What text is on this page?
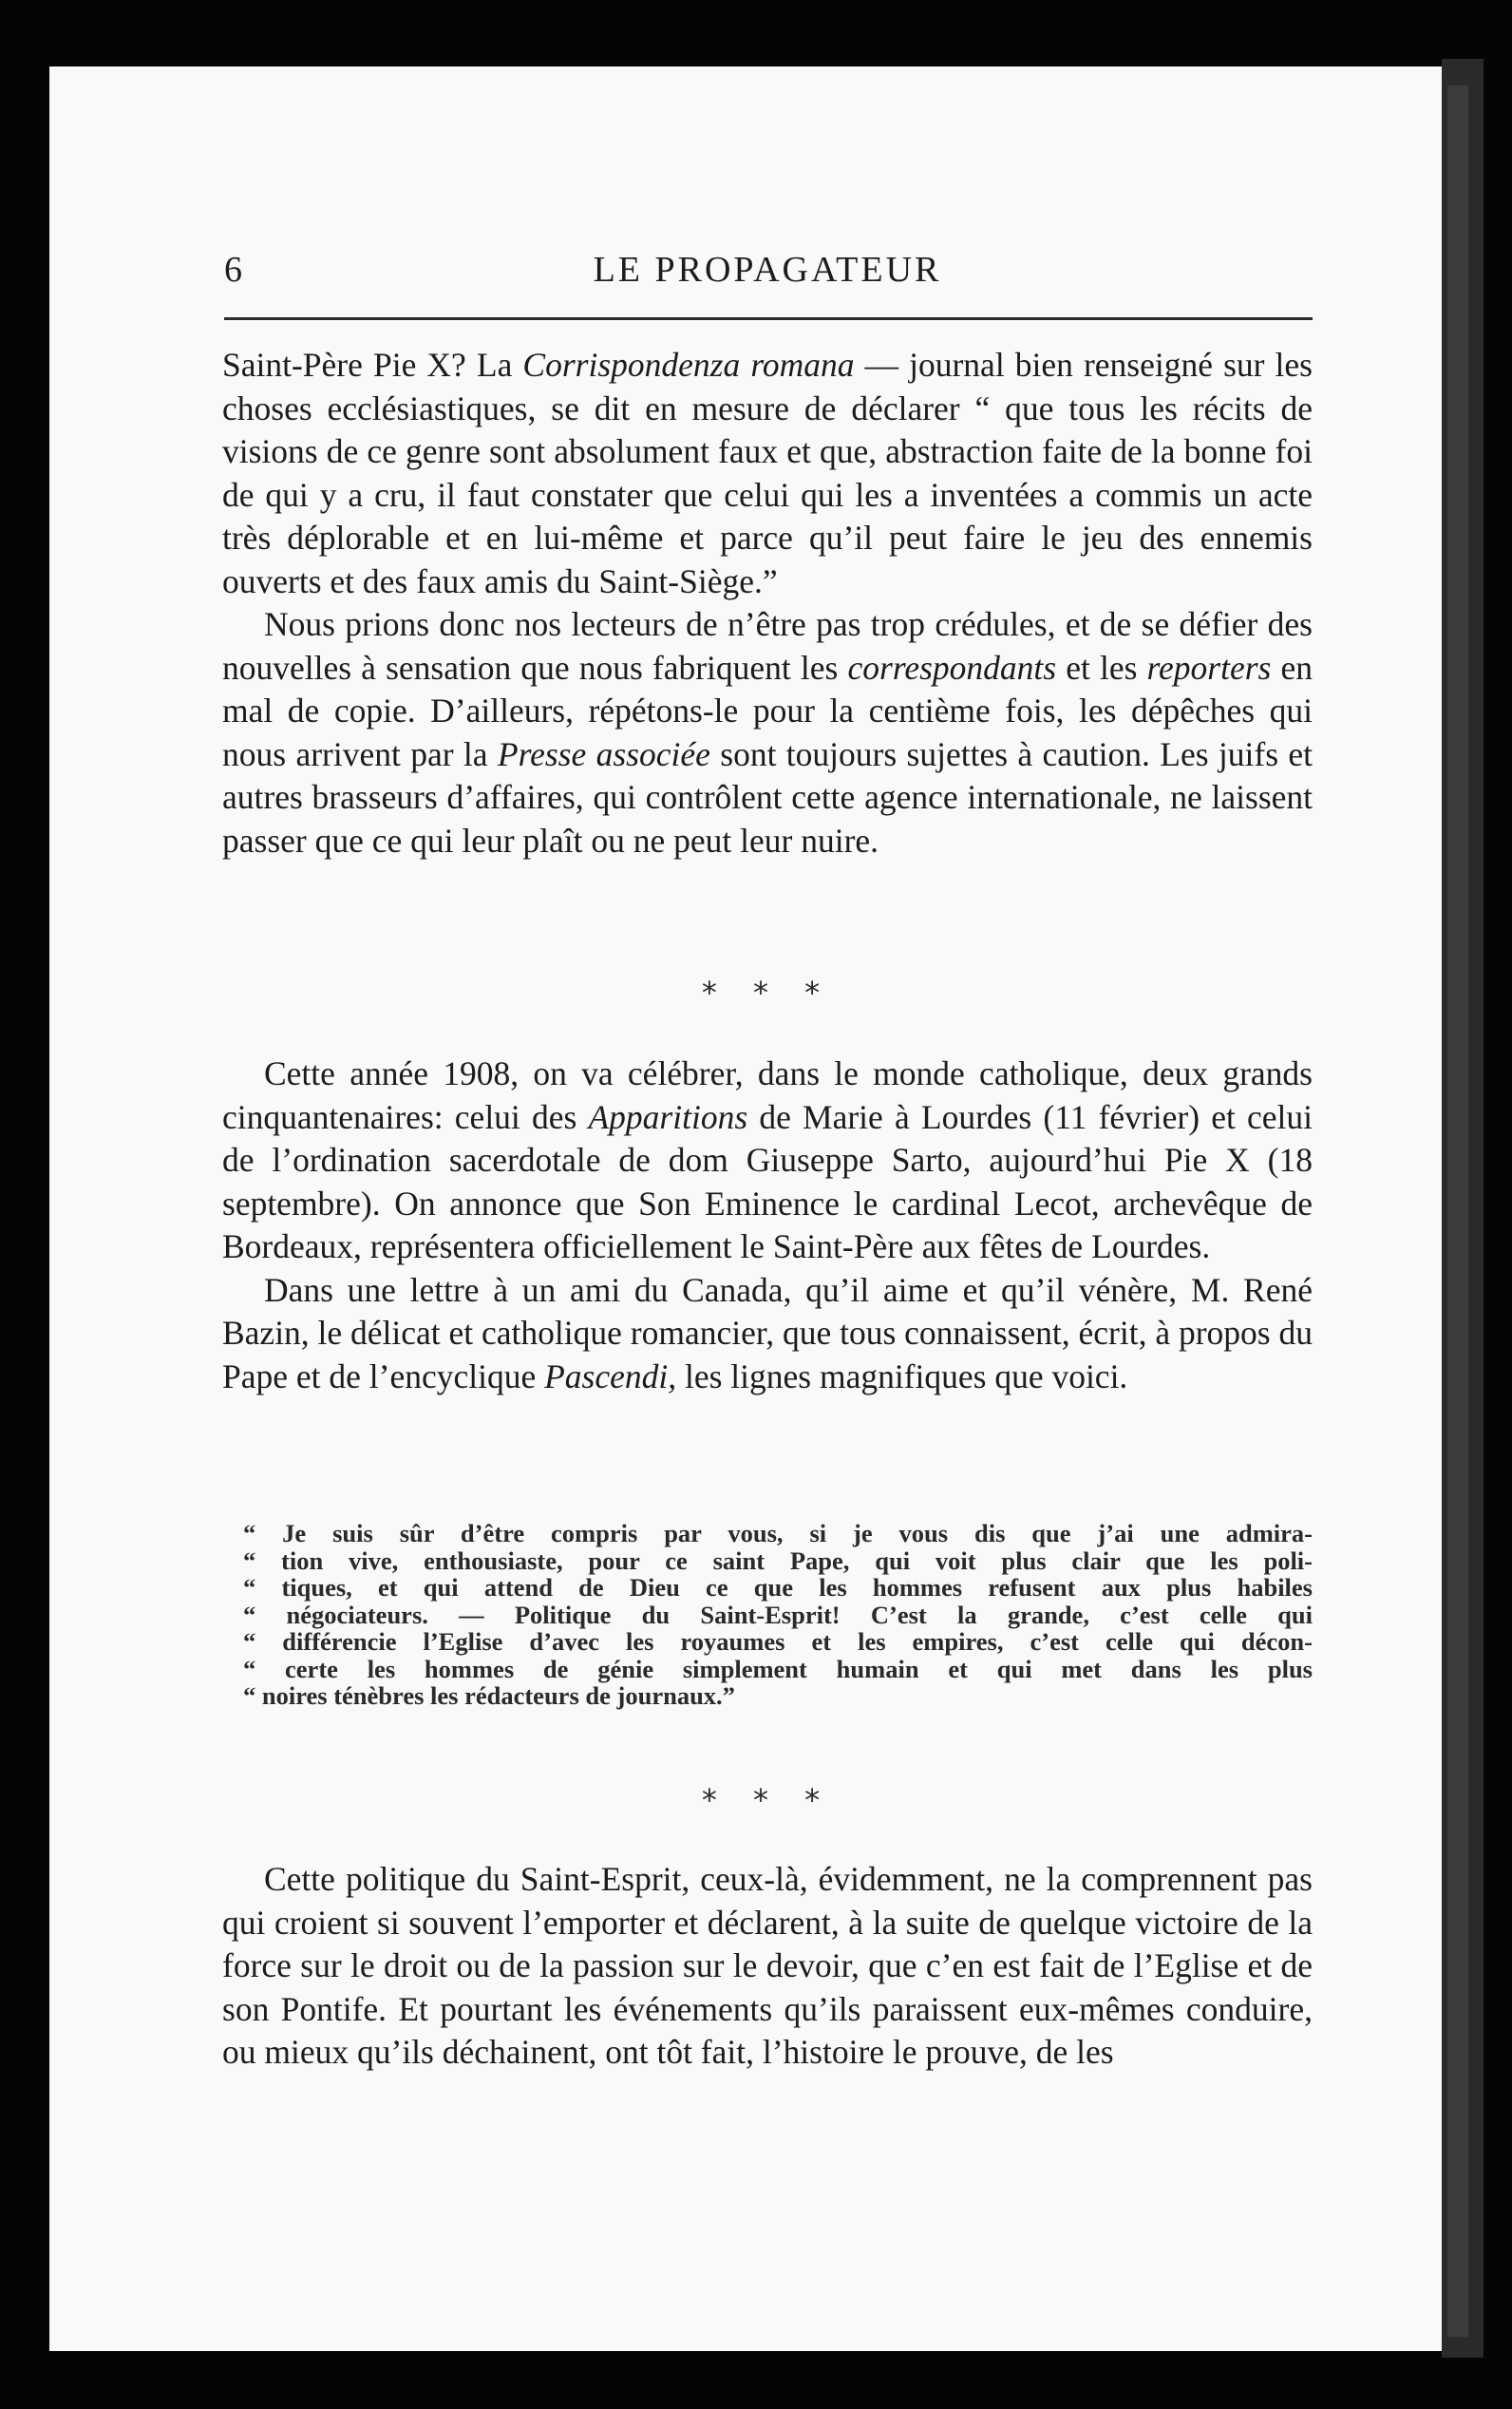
6	LE PROPAGATEUR

Saint-Père Pie X? La Corrispondenza romana — journal bien renseigné sur les choses ecclésiastiques, se dit en mesure de déclarer “ que tous les récits de visions de ce genre sont absolument faux et que, abstraction faite de la bonne foi de qui y a cru, il faut constater que celui qui les a inventées a commis un acte très déplorable et en lui-même et parce qu’il peut faire le jeu des ennemis ouverts et des faux amis du Saint-Siège.”

Nous prions donc nos lecteurs de n’être pas trop crédules, et de se défier des nouvelles à sensation que nous fabriquent les correspondants et les reporters en mal de copie. D’ailleurs, répétons-le pour la centième fois, les dépêches qui nous arrivent par la Presse associée sont toujours sujettes à caution. Les juifs et autres brasseurs d’affaires, qui contrôlent cette agence internationale, ne laissent passer que ce qui leur plaît ou ne peut leur nuire.

* * *

Cette année 1908, on va célébrer, dans le monde catholique, deux grands cinquantenaires: celui des Apparitions de Marie à Lourdes (11 février) et celui de l’ordination sacerdotale de dom Giuseppe Sarto, aujourd’hui Pie X (18 septembre). On annonce que Son Eminence le cardinal Lecot, archevêque de Bordeaux, représentera officiellement le Saint-Père aux fêtes de Lourdes.

Dans une lettre à un ami du Canada, qu’il aime et qu’il vénère, M. René Bazin, le délicat et catholique romancier, que tous connaissent, écrit, à propos du Pape et de l’encyclique Pascendi, les lignes magnifiques que voici.

“ Je suis sûr d’être compris par vous, si je vous dis que j’ai une admira-
“ tion vive, enthousiaste, pour ce saint Pape, qui voit plus clair que les poli-
“ tiques, et qui attend de Dieu ce que les hommes refusent aux plus habiles
“ négociateurs. — Politique du Saint-Esprit! C’est la grande, c’est celle qui
“ différencie l’Eglise d’avec les royaumes et les empires, c’est celle qui décon-
“ certe les hommes de génie simplement humain et qui met dans les plus
“ noires ténèbres les rédacteurs de journaux.”
* * *

Cette politique du Saint-Esprit, ceux-là, évidemment, ne la comprennent pas qui croient si souvent l’emporter et déclarent, à la suite de quelque victoire de la force sur le droit ou de la passion sur le devoir, que c’en est fait de l’Eglise et de son Pontife. Et pourtant les événements qu’ils paraissent eux-mêmes conduire, ou mieux qu’ils déchainent, ont tôt fait, l’histoire le prouve, de les
